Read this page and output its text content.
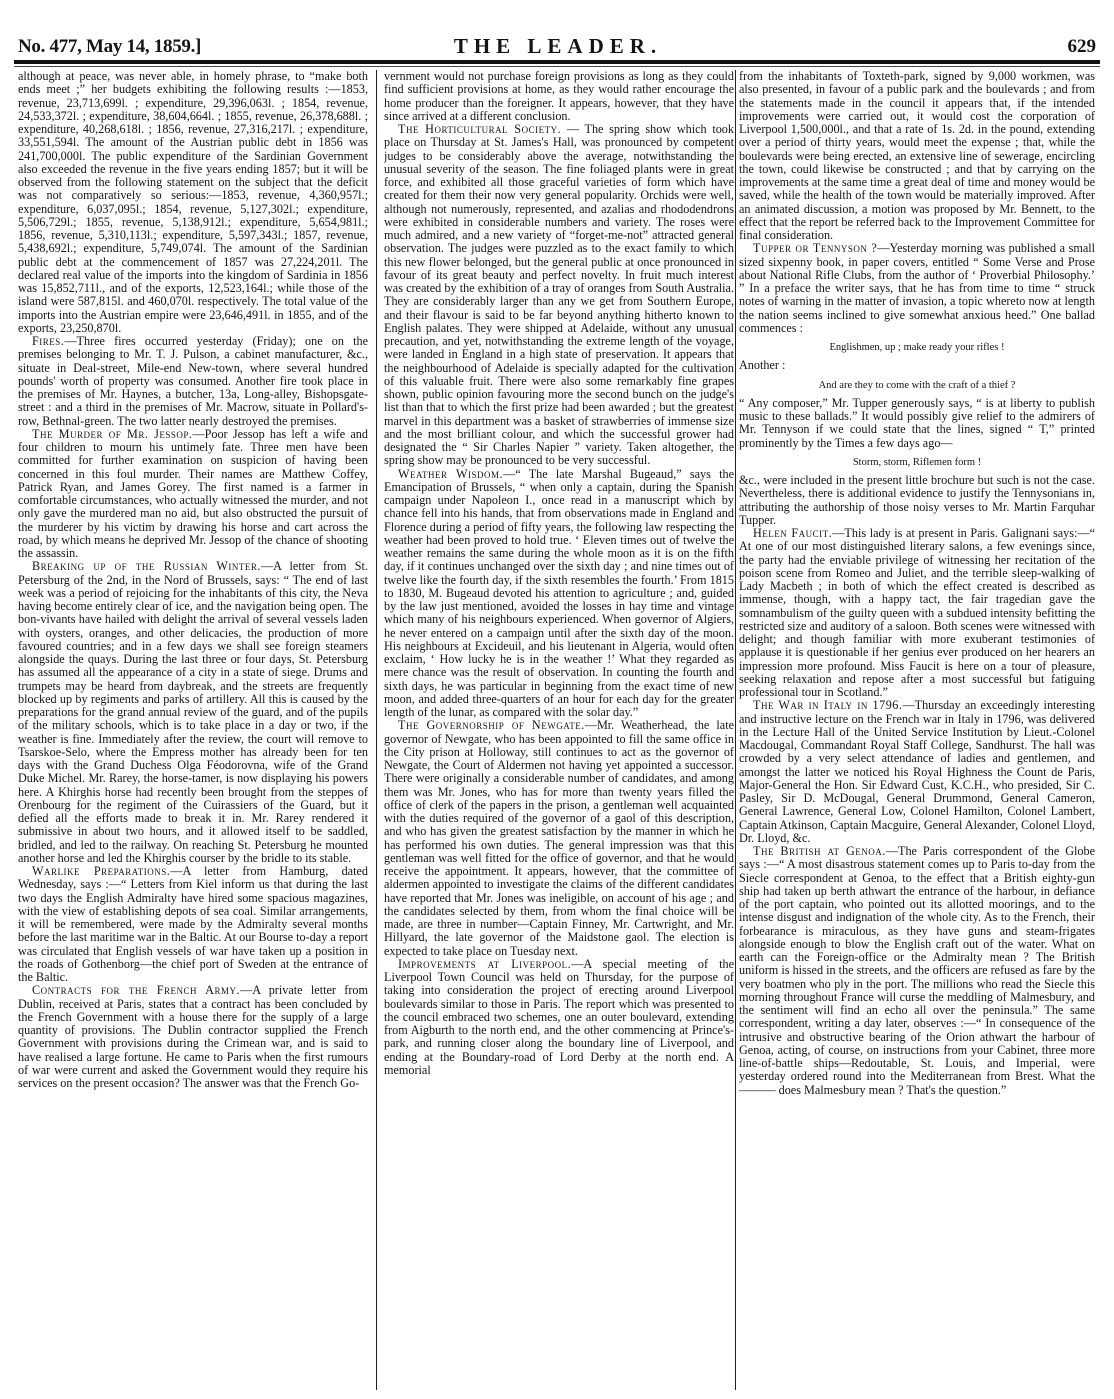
No. 477, May 14, 1859.]	THE LEADER.	629

although at peace, was never able, in homely phrase, to “make both ends meet ;” her budgets exhibiting the following results :—1853, revenue, 23,713,699l. ; expenditure, 29,396,063l. ; 1854, revenue, 24,533,372l. ; expenditure, 38,604,664l. ; 1855, revenue, 26,378,688l. ; expenditure, 40,268,618l. ; 1856, revenue, 27,316,217l. ; expenditure, 33,551,594l. The amount of the Austrian public debt in 1856 was 241,700,000l. The public expenditure of the Sardinian Government also exceeded the revenue in the five years ending 1857; but it will be observed from the following statement on the subject that the deficit was not comparatively so serious:—1853, revenue, 4,360,957l.; expenditure, 6,037,095l.; 1854, revenue, 5,127,302l.; expenditure, 5,506,729l.; 1855, revenue, 5,138,912l.; expenditure, 5,654,981l.; 1856, revenue, 5,310,113l.; expenditure, 5,597,343l.; 1857, revenue, 5,438,692l.; expenditure, 5,749,074l. The amount of the Sardinian public debt at the commencement of 1857 was 27,224,201l. The declared real value of the imports into the kingdom of Sardinia in 1856 was 15,852,711l., and of the exports, 12,523,164l.; while those of the island were 587,815l. and 460,070l. respectively. The total value of the imports into the Austrian empire were 23,646,491l. in 1855, and of the exports, 23,250,870l.

Fires.—Three fires occurred yesterday (Friday); one on the premises belonging to Mr. T. J. Pulson, a cabinet manufacturer, &c., situate in Deal-street, Mile-end New-town, where several hundred pounds' worth of property was consumed. Another fire took place in the premises of Mr. Haynes, a butcher, 13a, Long-alley, Bishopsgate-street : and a third in the premises of Mr. Macrow, situate in Pollard's-row, Bethnal-green. The two latter nearly destroyed the premises.

The Murder of Mr. Jessop.—Poor Jessop has left a wife and four children to mourn his untimely fate. Three men have been committed for further examination on suspicion of having been concerned in this foul murder. Their names are Matthew Coffey, Patrick Ryan, and James Gorey. The first named is a farmer in comfortable circumstances, who actually witnessed the murder, and not only gave the murdered man no aid, but also obstructed the pursuit of the murderer by his victim by drawing his horse and cart across the road, by which means he deprived Mr. Jessop of the chance of shooting the assassin.

Breaking up of the Russian Winter.—A letter from St. Petersburg of the 2nd, in the Nord of Brussels, says: “ The end of last week was a period of rejoicing for the inhabitants of this city, the Neva having become entirely clear of ice, and the navigation being open. The bon-vivants have hailed with delight the arrival of several vessels laden with oysters, oranges, and other delicacies, the production of more favoured countries; and in a few days we shall see foreign steamers alongside the quays. During the last three or four days, St. Petersburg has assumed all the appearance of a city in a state of siege. Drums and trumpets may be heard from daybreak, and the streets are frequently blocked up by regiments and parks of artillery. All this is caused by the preparations for the grand annual review of the guard, and of the pupils of the military schools, which is to take place in a day or two, if the weather is fine. Immediately after the review, the court will remove to Tsarskoe-Selo, where the Empress mother has already been for ten days with the Grand Duchess Olga Féodorovna, wife of the Grand Duke Michel. Mr. Rarey, the horse-tamer, is now displaying his powers here. A Khirghis horse had recently been brought from the steppes of Orenbourg for the regiment of the Cuirassiers of the Guard, but it defied all the efforts made to break it in. Mr. Rarey rendered it submissive in about two hours, and it allowed itself to be saddled, bridled, and led to the railway. On reaching St. Petersburg he mounted another horse and led the Khirghis courser by the bridle to its stable.

Warlike Preparations.—A letter from Hamburg, dated Wednesday, says :—“ Letters from Kiel inform us that during the last two days the English Admiralty have hired some spacious magazines, with the view of establishing depots of sea coal. Similar arrangements, it will be remembered, were made by the Admiralty several months before the last maritime war in the Baltic. At our Bourse to-day a report was circulated that English vessels of war have taken up a position in the roads of Gothenborg—the chief port of Sweden at the entrance of the Baltic.

Contracts for the French Army.—A private letter from Dublin, received at Paris, states that a contract has been concluded by the French Government with a house there for the supply of a large quantity of provisions. The Dublin contractor supplied the French Government with provisions during the Crimean war, and is said to have realised a large fortune. He came to Paris when the first rumours of war were current and asked the Government would they require his services on the present occasion? The answer was that the French Go-

vernment would not purchase foreign provisions as long as they could find sufficient provisions at home, as they would rather encourage the home producer than the foreigner. It appears, however, that they have since arrived at a different conclusion.

The Horticultural Society. — The spring show which took place on Thursday at St. James's Hall, was pronounced by competent judges to be considerably above the average, notwithstanding the unusual severity of the season. The fine foliaged plants were in great force, and exhibited all those graceful varieties of form which have created for them their now very general popularity. Orchids were well, although not numerously, represented, and azalias and rhododendrons were exhibited in considerable numbers and variety. The roses were much admired, and a new variety of “forget-me-not” attracted general observation. The judges were puzzled as to the exact family to which this new flower belonged, but the general public at once pronounced in favour of its great beauty and perfect novelty. In fruit much interest was created by the exhibition of a tray of oranges from South Australia. They are considerably larger than any we get from Southern Europe, and their flavour is said to be far beyond anything hitherto known to English palates. They were shipped at Adelaide, without any unusual precaution, and yet, notwithstanding the extreme length of the voyage, were landed in England in a high state of preservation. It appears that the neighbourhood of Adelaide is specially adapted for the cultivation of this valuable fruit. There were also some remarkably fine grapes shown, public opinion favouring more the second bunch on the judge's list than that to which the first prize had been awarded ; but the greatest marvel in this department was a basket of strawberries of immense size and the most brilliant colour, and which the successful grower had designated the “ Sir Charles Napier ” variety. Taken altogether, the spring show may be pronounced to be very successful.

Weather Wisdom.—“ The late Marshal Bugeaud,” says the Emancipation of Brussels, “ when only a captain, during the Spanish campaign under Napoleon I., once read in a manuscript which by chance fell into his hands, that from observations made in England and Florence during a period of fifty years, the following law respecting the weather had been proved to hold true. ‘ Eleven times out of twelve the weather remains the same during the whole moon as it is on the fifth day, if it continues unchanged over the sixth day ; and nine times out of twelve like the fourth day, if the sixth resembles the fourth.’ From 1815 to 1830, M. Bugeaud devoted his attention to agriculture ; and, guided by the law just mentioned, avoided the losses in hay time and vintage which many of his neighbours experienced. When governor of Algiers, he never entered on a campaign until after the sixth day of the moon. His neighbours at Excideuil, and his lieutenant in Algeria, would often exclaim, ‘ How lucky he is in the weather !’ What they regarded as mere chance was the result of observation. In counting the fourth and sixth days, he was particular in beginning from the exact time of new moon, and added three-quarters of an hour for each day for the greater length of the lunar, as compared with the solar day.”

The Governorship of Newgate.—Mr. Weatherhead, the late governor of Newgate, who has been appointed to fill the same office in the City prison at Holloway, still continues to act as the governor of Newgate, the Court of Aldermen not having yet appointed a successor. There were originally a considerable number of candidates, and among them was Mr. Jones, who has for more than twenty years filled the office of clerk of the papers in the prison, a gentleman well acquainted with the duties required of the governor of a gaol of this description, and who has given the greatest satisfaction by the manner in which he has performed his own duties. The general impression was that this gentleman was well fitted for the office of governor, and that he would receive the appointment. It appears, however, that the committee of aldermen appointed to investigate the claims of the different candidates have reported that Mr. Jones was ineligible, on account of his age ; and the candidates selected by them, from whom the final choice will be made, are three in number—Captain Finney, Mr. Cartwright, and Mr. Hillyard, the late governor of the Maidstone gaol. The election is expected to take place on Tuesday next.

Improvements at Liverpool.—A special meeting of the Liverpool Town Council was held on Thursday, for the purpose of taking into consideration the project of erecting around Liverpool boulevards similar to those in Paris. The report which was presented to the council embraced two schemes, one an outer boulevard, extending from Aigburth to the north end, and the other commencing at Prince's-park, and running closer along the boundary line of Liverpool, and ending at the Boundary-road of Lord Derby at the north end. A memorial

from the inhabitants of Toxteth-park, signed by 9,000 workmen, was also presented, in favour of a public park and the boulevards ; and from the statements made in the council it appears that, if the intended improvements were carried out, it would cost the corporation of Liverpool 1,500,000l., and that a rate of 1s. 2d. in the pound, extending over a period of thirty years, would meet the expense ; that, while the boulevards were being erected, an extensive line of sewerage, encircling the town, could likewise be constructed ; and that by carrying on the improvements at the same time a great deal of time and money would be saved, while the health of the town would be materially improved. After an animated discussion, a motion was proposed by Mr. Bennett, to the effect that the report be referred back to the Improvement Committee for final consideration.

Tupper or Tennyson ?—Yesterday morning was published a small sized sixpenny book, in paper covers, entitled “ Some Verse and Prose about National Rifle Clubs, from the author of ‘ Proverbial Philosophy.’ ” In a preface the writer says, that he has from time to time “ struck notes of warning in the matter of invasion, a topic whereto now at length the nation seems inclined to give somewhat anxious heed.” One ballad commences :

Englishmen, up ; make ready your rifles !

Another :

And are they to come with the craft of a thief ?

“ Any composer,” Mr. Tupper generously says, “ is at liberty to publish music to these ballads.” It would possibly give relief to the admirers of Mr. Tennyson if we could state that the lines, signed “ T,” printed prominently by the Times a few days ago—

Storm, storm, Riflemen form !

&c., were included in the present little brochure but such is not the case. Nevertheless, there is additional evidence to justify the Tennysonians in, attributing the authorship of those noisy verses to Mr. Martin Farquhar Tupper.

Helen Faucit.—This lady is at present in Paris. Galignani says:—“ At one of our most distinguished literary salons, a few evenings since, the party had the enviable privilege of witnessing her recitation of the poison scene from Romeo and Juliet, and the terrible sleep-walking of Lady Macbeth ; in both of which the effect created is described as immense, though, with a happy tact, the fair tragedian gave the somnambulism of the guilty queen with a subdued intensity befitting the restricted size and auditory of a saloon. Both scenes were witnessed with delight; and though familiar with more exuberant testimonies of applause it is questionable if her genius ever produced on her hearers an impression more profound. Miss Faucit is here on a tour of pleasure, seeking relaxation and repose after a most successful but fatiguing professional tour in Scotland.”

The War in Italy in 1796.—Thursday an exceedingly interesting and instructive lecture on the French war in Italy in 1796, was delivered in the Lecture Hall of the United Service Institution by Lieut.-Colonel Macdougal, Commandant Royal Staff College, Sandhurst. The hall was crowded by a very select attendance of ladies and gentlemen, and amongst the latter we noticed his Royal Highness the Count de Paris, Major-General the Hon. Sir Edward Cust, K.C.H., who presided, Sir C. Pasley, Sir D. McDougal, General Drummond, General Cameron, General Lawrence, General Low, Colonel Hamilton, Colonel Lambert, Captain Atkinson, Captain Macguire, General Alexander, Colonel Lloyd, Dr. Lloyd, &c.

The British at Genoa.—The Paris correspondent of the Globe says :—“ A most disastrous statement comes up to Paris to-day from the Siecle correspondent at Genoa, to the effect that a British eighty-gun ship had taken up berth athwart the entrance of the harbour, in defiance of the port captain, who pointed out its allotted moorings, and to the intense disgust and indignation of the whole city. As to the French, their forbearance is miraculous, as they have guns and steam-frigates alongside enough to blow the English craft out of the water. What on earth can the Foreign-office or the Admiralty mean ? The British uniform is hissed in the streets, and the officers are refused as fare by the very boatmen who ply in the port. The millions who read the Siecle this morning throughout France will curse the meddling of Malmesbury, and the sentiment will find an echo all over the peninsula.” The same correspondent, writing a day later, observes :—“ In consequence of the intrusive and obstructive bearing of the Orion athwart the harbour of Genoa, acting, of course, on instructions from your Cabinet, three more line-of-battle ships—Redoutable, St. Louis, and Imperial, were yesterday ordered round into the Mediterranean from Brest. What the ——— does Malmesbury mean ? That's the question.”
